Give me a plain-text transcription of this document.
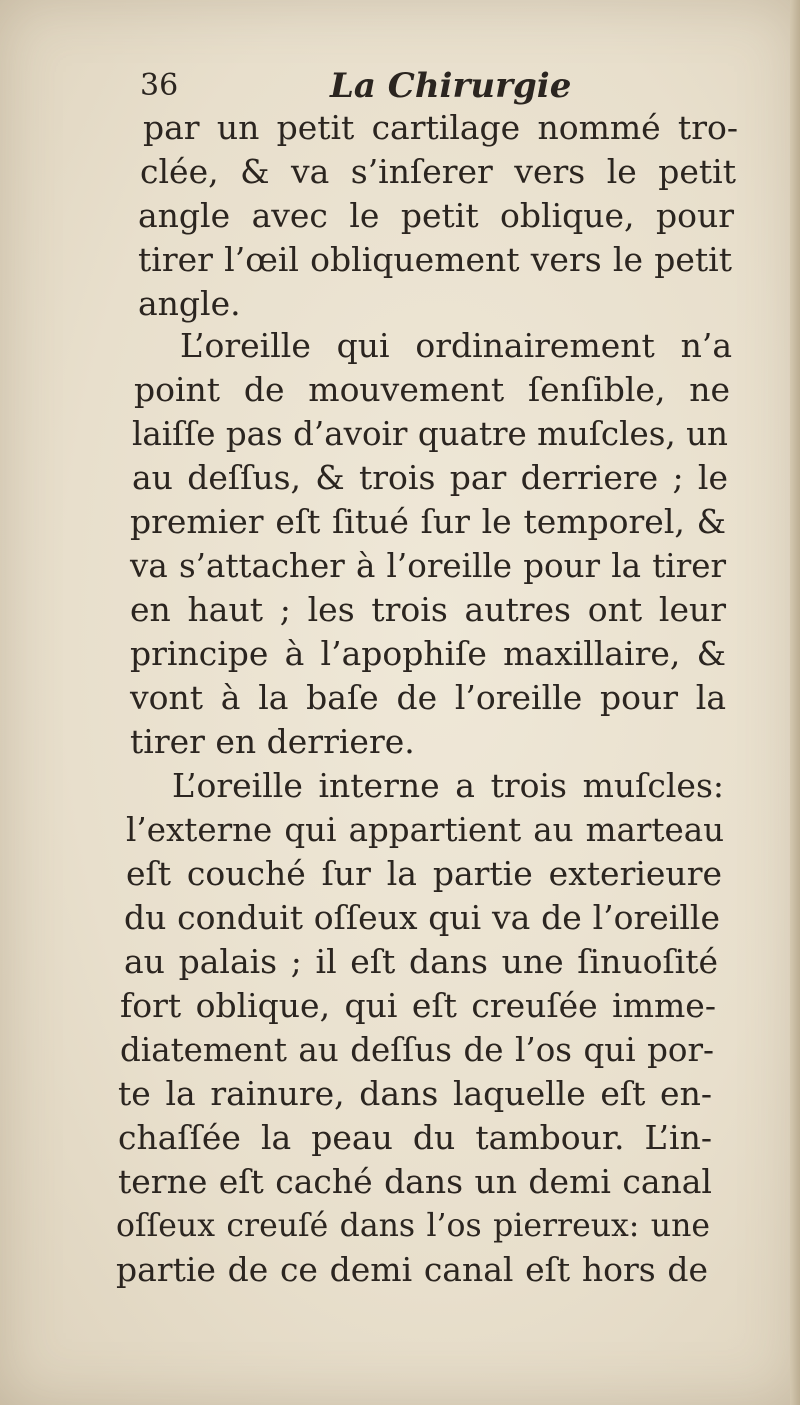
36	La Chirurgie
par un petit cartilage nommé tro-
clée, & va s’inſerer vers le petit
angle avec le petit oblique, pour
tirer l’œil obliquement vers le petit
angle.
L’oreille qui ordinairement n’a
point de mouvement ſenſible, ne
laiſſe pas d’avoir quatre muſcles, un
au deſſus, & trois par derriere ; le
premier eſt ſitué ſur le temporel, &
va s’attacher à l’oreille pour la tirer
en haut ; les trois autres ont leur
principe à l’apophiſe maxillaire, &
vont à la baſe de l’oreille pour la
tirer en derriere.
L’oreille interne a trois muſcles:
l’externe qui appartient au marteau
eſt couché ſur la partie exterieure
du conduit oſſeux qui va de l’oreille
au palais ; il eſt dans une ſinuoſité
fort oblique, qui eſt creuſée imme-
diatement au deſſus de l’os qui por-
te la rainure, dans laquelle eſt en-
chaſſée la peau du tambour. L’in-
terne eſt caché dans un demi canal
oſſeux creuſé dans l’os pierreux: une
partie de ce demi canal eſt hors de
